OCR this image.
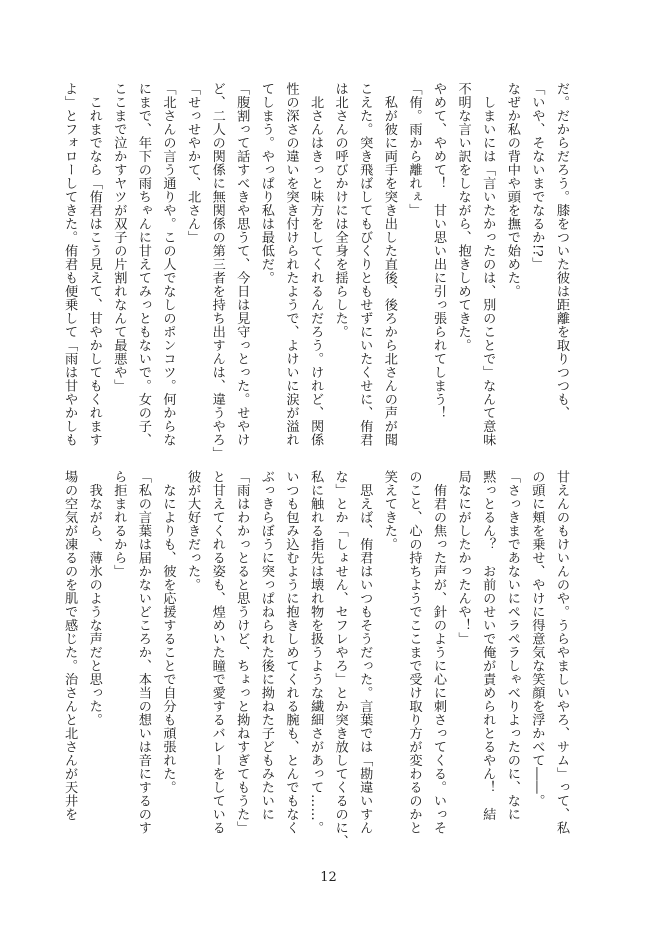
だ。だからだろう。膝をついた彼は距離を取りつつも、
「いや、そないまでなるか!?」
なぜか私の背中や頭を撫で始めた。
　しまいには「言いたかったのは、別のことで」なんて意味
不明な言い訳をしながら、抱きしめてきた。
やめて、やめて！　甘い思い出に引っ張られてしまう！
「侑。雨から離れぇ」
　私が彼に両手を突き出した直後、後ろから北さんの声が聞
こえた。突き飛ばしてもびくりともせずにいたくせに、侑君
は北さんの呼びかけには全身を揺らした。
　北さんはきっと味方をしてくれるんだろう。けれど、関係
性の深さの違いを突き付けられたようで、よけいに涙が溢れ
てしまう。やっぱり私は最低だ。
「腹割って話すべきや思うて、今日は見守っとった。せやけ
ど、二人の関係に無関係の第三者を持ち出すんは、違うやろ」
「せっせやかて、北さん」
「北さんの言う通りや。この人でなしのポンコツ。何からな
にまで、年下の雨ちゃんに甘えてみっともないで。女の子、
ここまで泣かすヤツが双子の片割れなんて最悪や」
　これまでなら「侑君はこう見えて、甘やかしてもくれます
よ」とフォローしてきた。侑君も便乗して「雨は甘やかしも
甘えんのもけいんのや。うらやましいやろ、サム」って、私
の頭に頬を乗せ、やけに得意気な笑顔を浮かべて――。
「さっきまであないにペラペラしゃべりよったのに、なに
黙っとるん？　お前のせいで俺が責められとるやん！　結
局なにがしたかったんや！」
　侑君の焦った声が、針のように心に刺さってくる。いっそ
のこと、心の持ちようでここまで受け取り方が変わるのかと
笑えてきた。
　思えば、侑君はいつもそうだった。言葉では「勘違いすん
な」とか「しょせん、セフレやろ」とか突き放してくるのに、
私に触れる指先は壊れ物を扱うような繊細さがあって……。
いつも包み込むように抱きしめてくれる腕も、とんでもなく
ぶっきらぼうに突っぱねられた後に拗ねた子どもみたいに
「雨はわかっとると思うけど、ちょっと拗ねすぎてもうた」
と甘えてくれる姿も、煌めいた瞳で愛するバレーをしている
彼が大好きだった。
　なによりも、彼を応援することで自分も頑張れた。
「私の言葉は届かないどころか、本当の想いは音にするのす
ら拒まれるから」
　我ながら、薄氷のような声だと思った。
場の空気が凍るのを肌で感じた。治さんと北さんが天井を
12
